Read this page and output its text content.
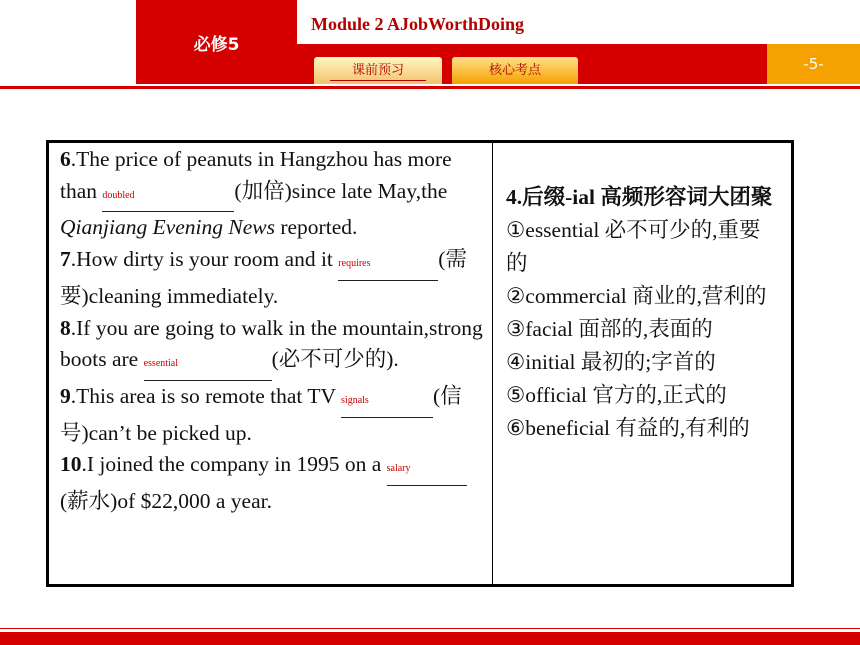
必修5
Module 2 AJobWorthDoing
-5-
课前预习	核心考点

6.The price of peanuts in Hangzhou has more than doubled	(加倍)since late May,the Qianjiang Evening News reported.

7.How dirty is your room and it requires	(需要)cleaning immediately.

8.If you are going to walk in the mountain,strong boots are essential	(必不可少的).

9.This area is so remote that TV signals	(信号)can’t be picked up.

10.I joined the company in 1995 on a salary(薪水)of $22,000 a year.

4.后缀-ial 高频形容词大团聚

①essential 必不可少的,重要的

②commercial 商业的,营利的

③facial 面部的,表面的

④initial 最初的;字首的

⑤official 官方的,正式的

⑥beneficial 有益的,有利的
